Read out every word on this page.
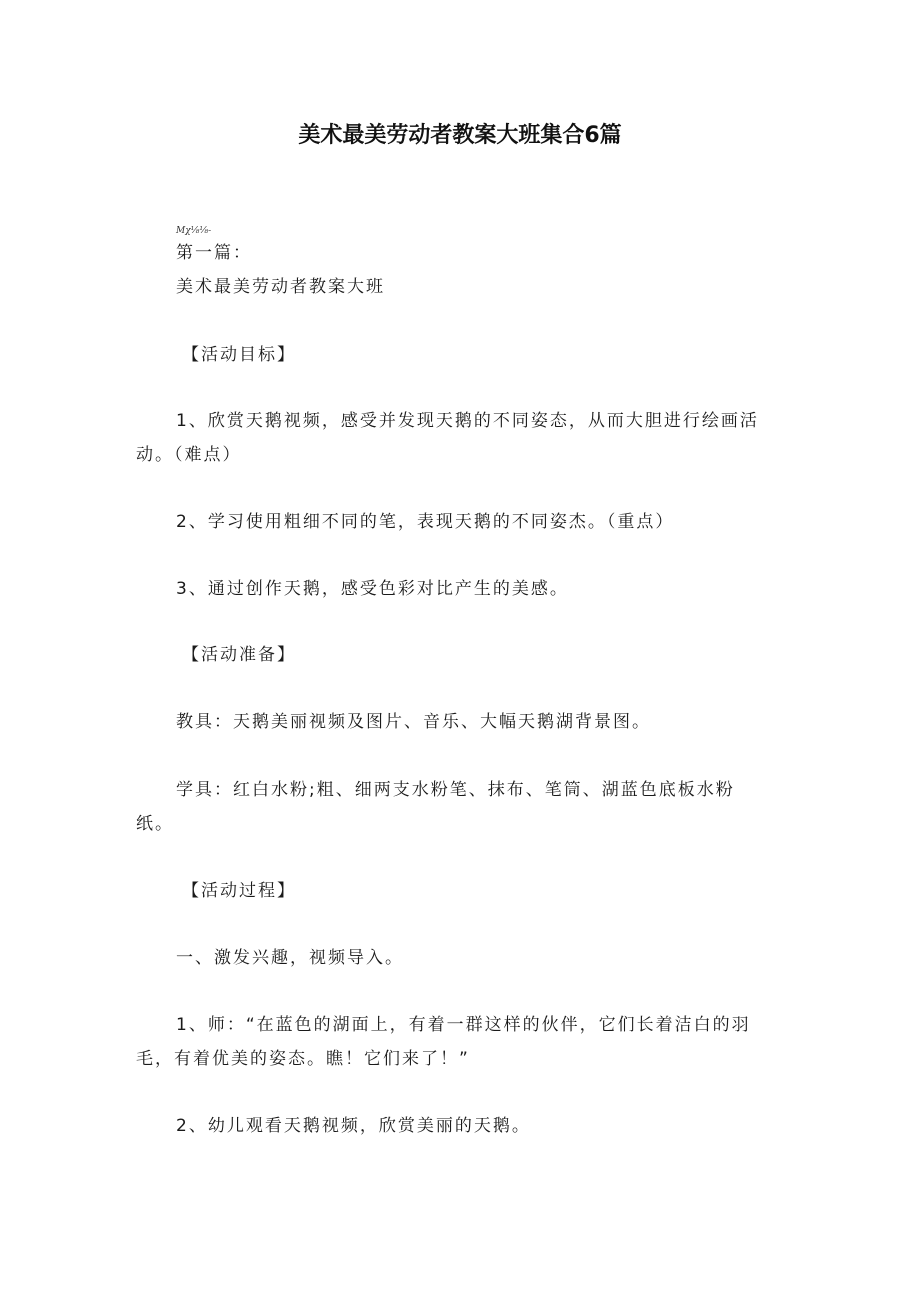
美术最美劳动者教案大班集合6篇
Mχ⅛⅛-

第一篇：

美术最美劳动者教案大班

【活动目标】

1、欣赏天鹅视频，感受并发现天鹅的不同姿态，从而大胆进行绘画活

动。（难点）

2、学习使用粗细不同的笔，表现天鹅的不同姿杰。（重点）

3、通过创作天鹅，感受色彩对比产生的美感。

【活动准备】

教具：天鹅美丽视频及图片、音乐、大幅天鹅湖背景图。

学具：红白水粉;粗、细两支水粉笔、抹布、笔筒、湖蓝色底板水粉

纸。

【活动过程】

一、激发兴趣，视频导入。

1、师：“在蓝色的湖面上，有着一群这样的伙伴，它们长着洁白的羽

毛，有着优美的姿态。瞧！它们来了！”

2、幼儿观看天鹅视频，欣赏美丽的天鹅。
